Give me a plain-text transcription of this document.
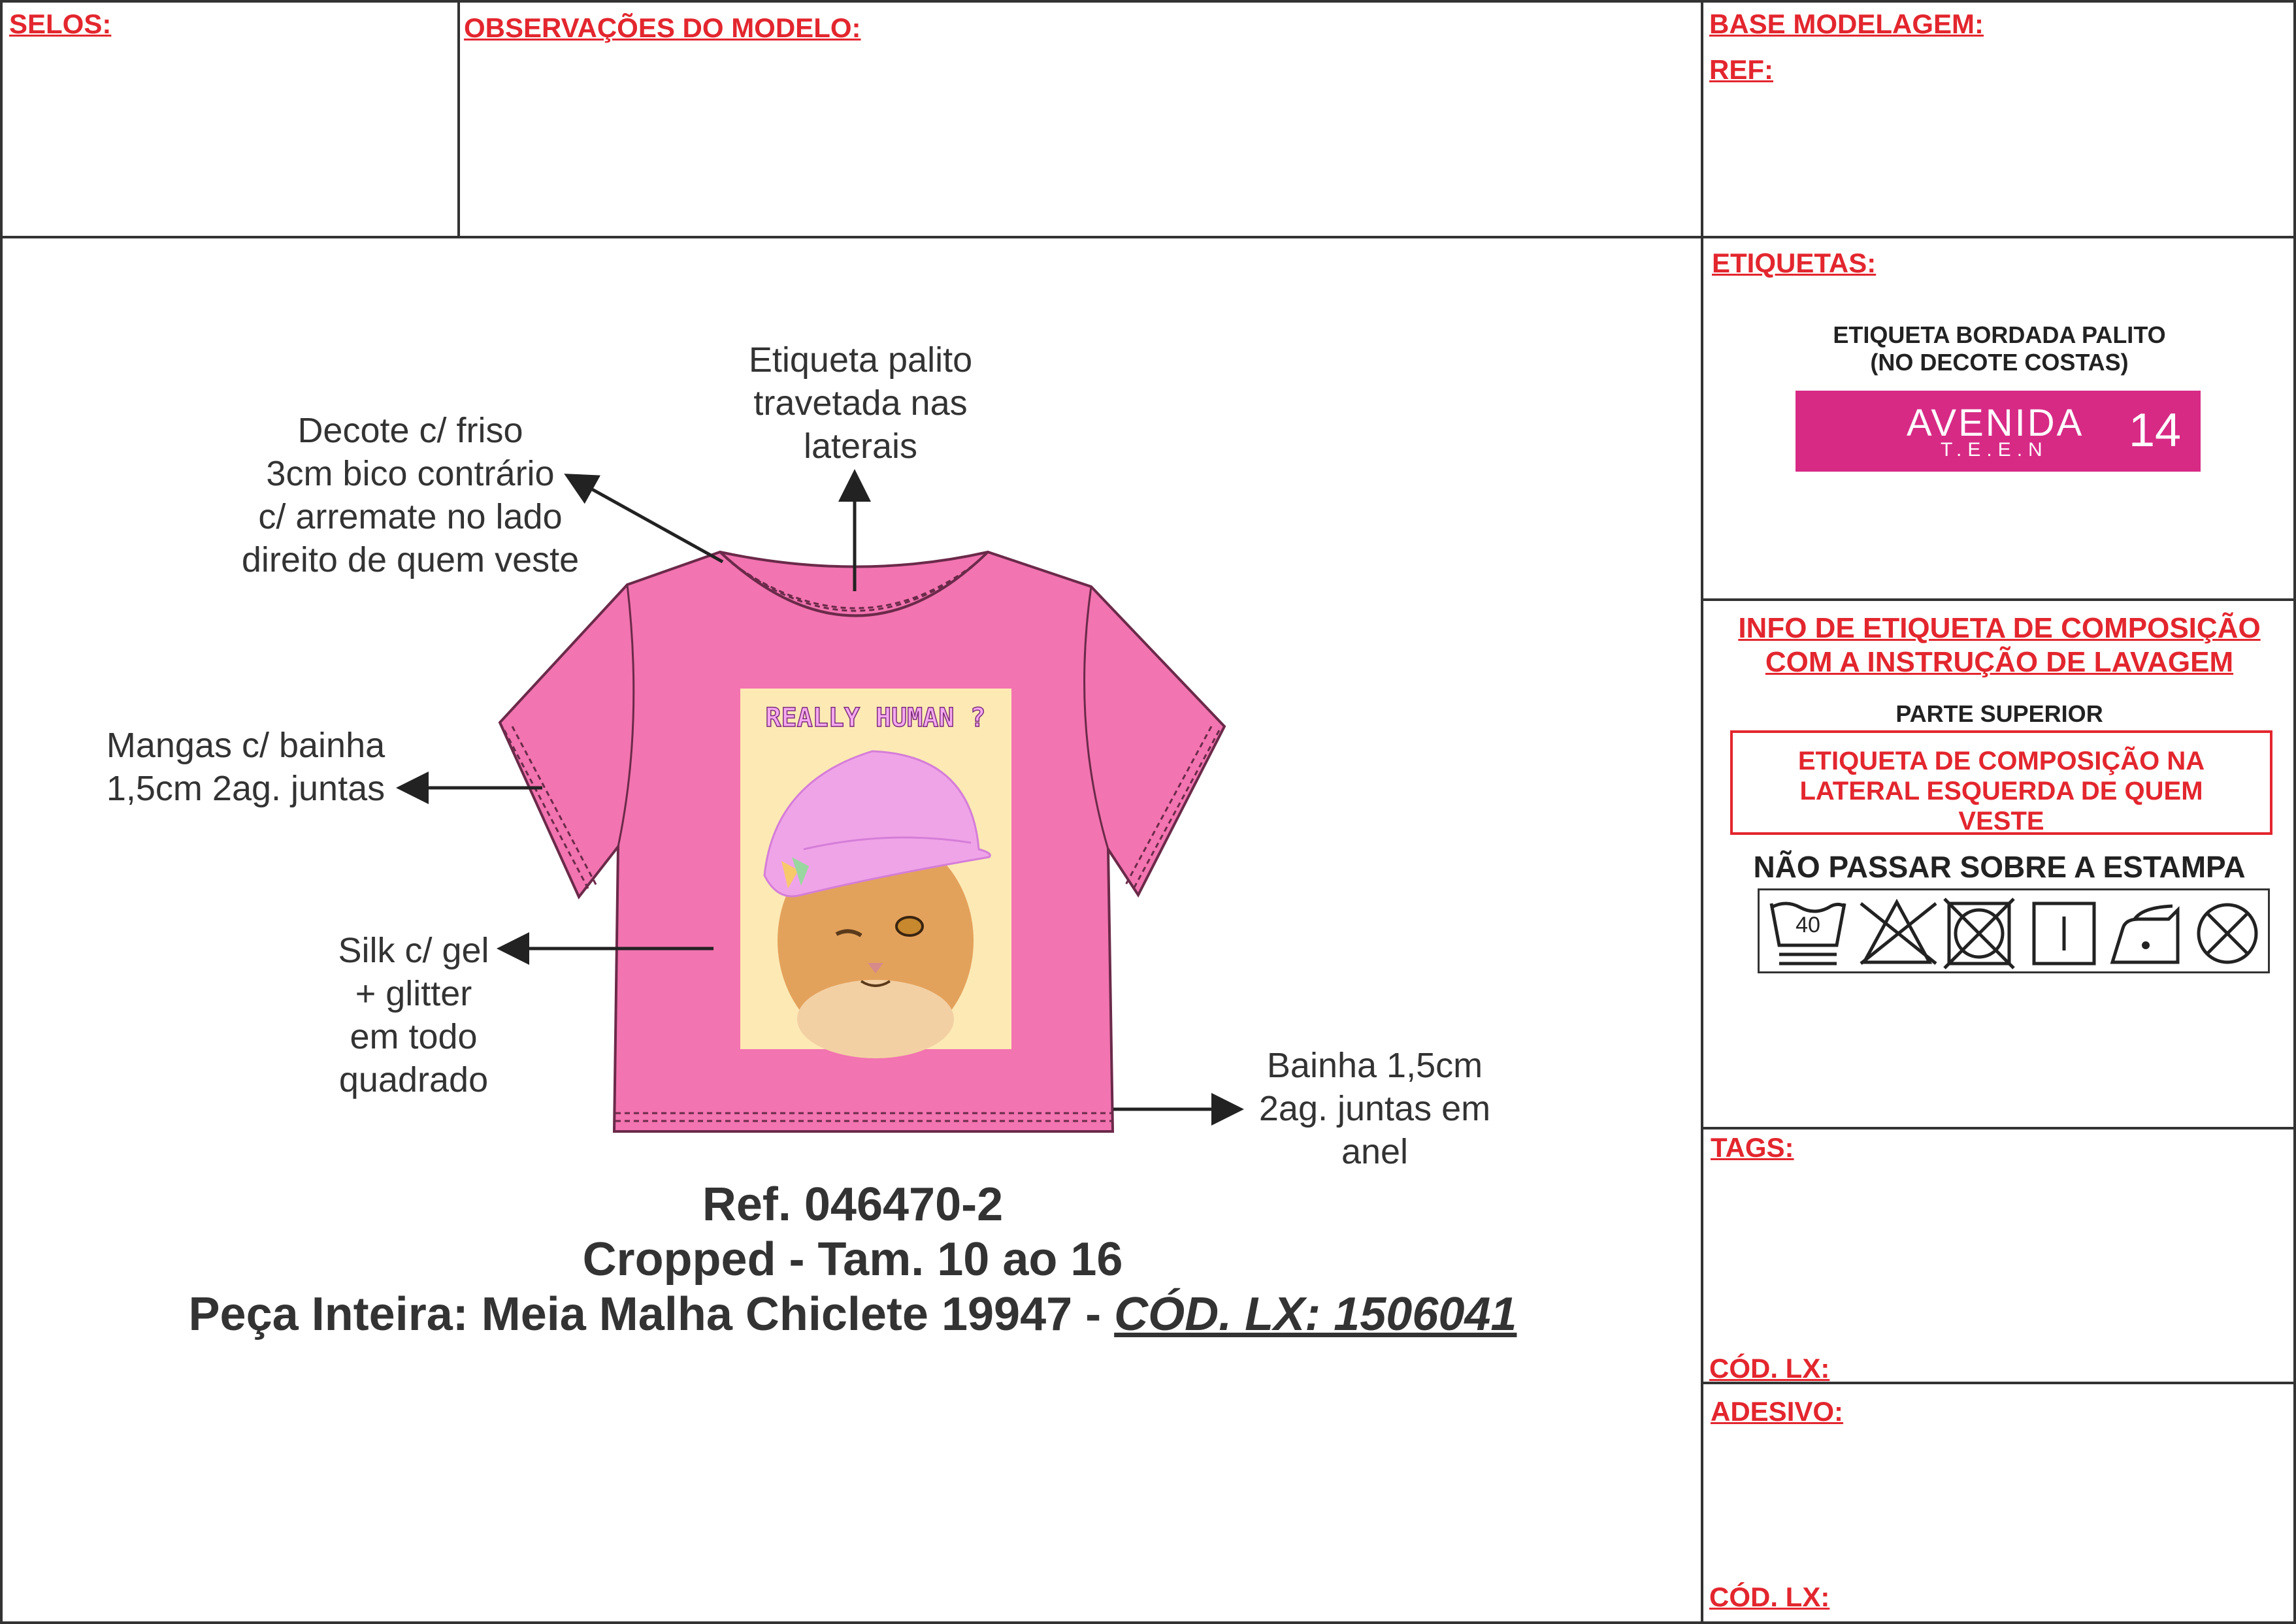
SELOS:	OBSERVAÇÕES DO MODELO:	BASE MODELAGEM:
REF:
ETIQUETAS:
ETIQUETA BORDADA PALITO
(NO DECOTE COSTAS)
AVENIDA
T.E.E.N 14
INFO DE ETIQUETA DE COMPOSIÇÃO
COM A INSTRUÇÃO DE LAVAGEM
PARTE SUPERIOR
ETIQUETA DE COMPOSIÇÃO NA
LATERAL ESQUERDA DE QUEM
VESTE
NÃO PASSAR SOBRE A ESTAMPA
40
TAGS:
CÓD. LX:
ADESIVO:
CÓD. LX:
REALLY HUMAN ?
Etiqueta palito
travetada nas
laterais
Decote c/ friso
3cm bico contrário
c/ arremate no lado
direito de quem veste
Mangas c/ bainha
1,5cm 2ag. juntas
Silk c/ gel
+ glitter
em todo
quadrado	Bainha 1,5cm
2ag. juntas em
anel
Ref. 046470-2
Cropped - Tam. 10 ao 16
Peça Inteira: Meia Malha Chiclete 19947 - CÓD. LX: 1506041
